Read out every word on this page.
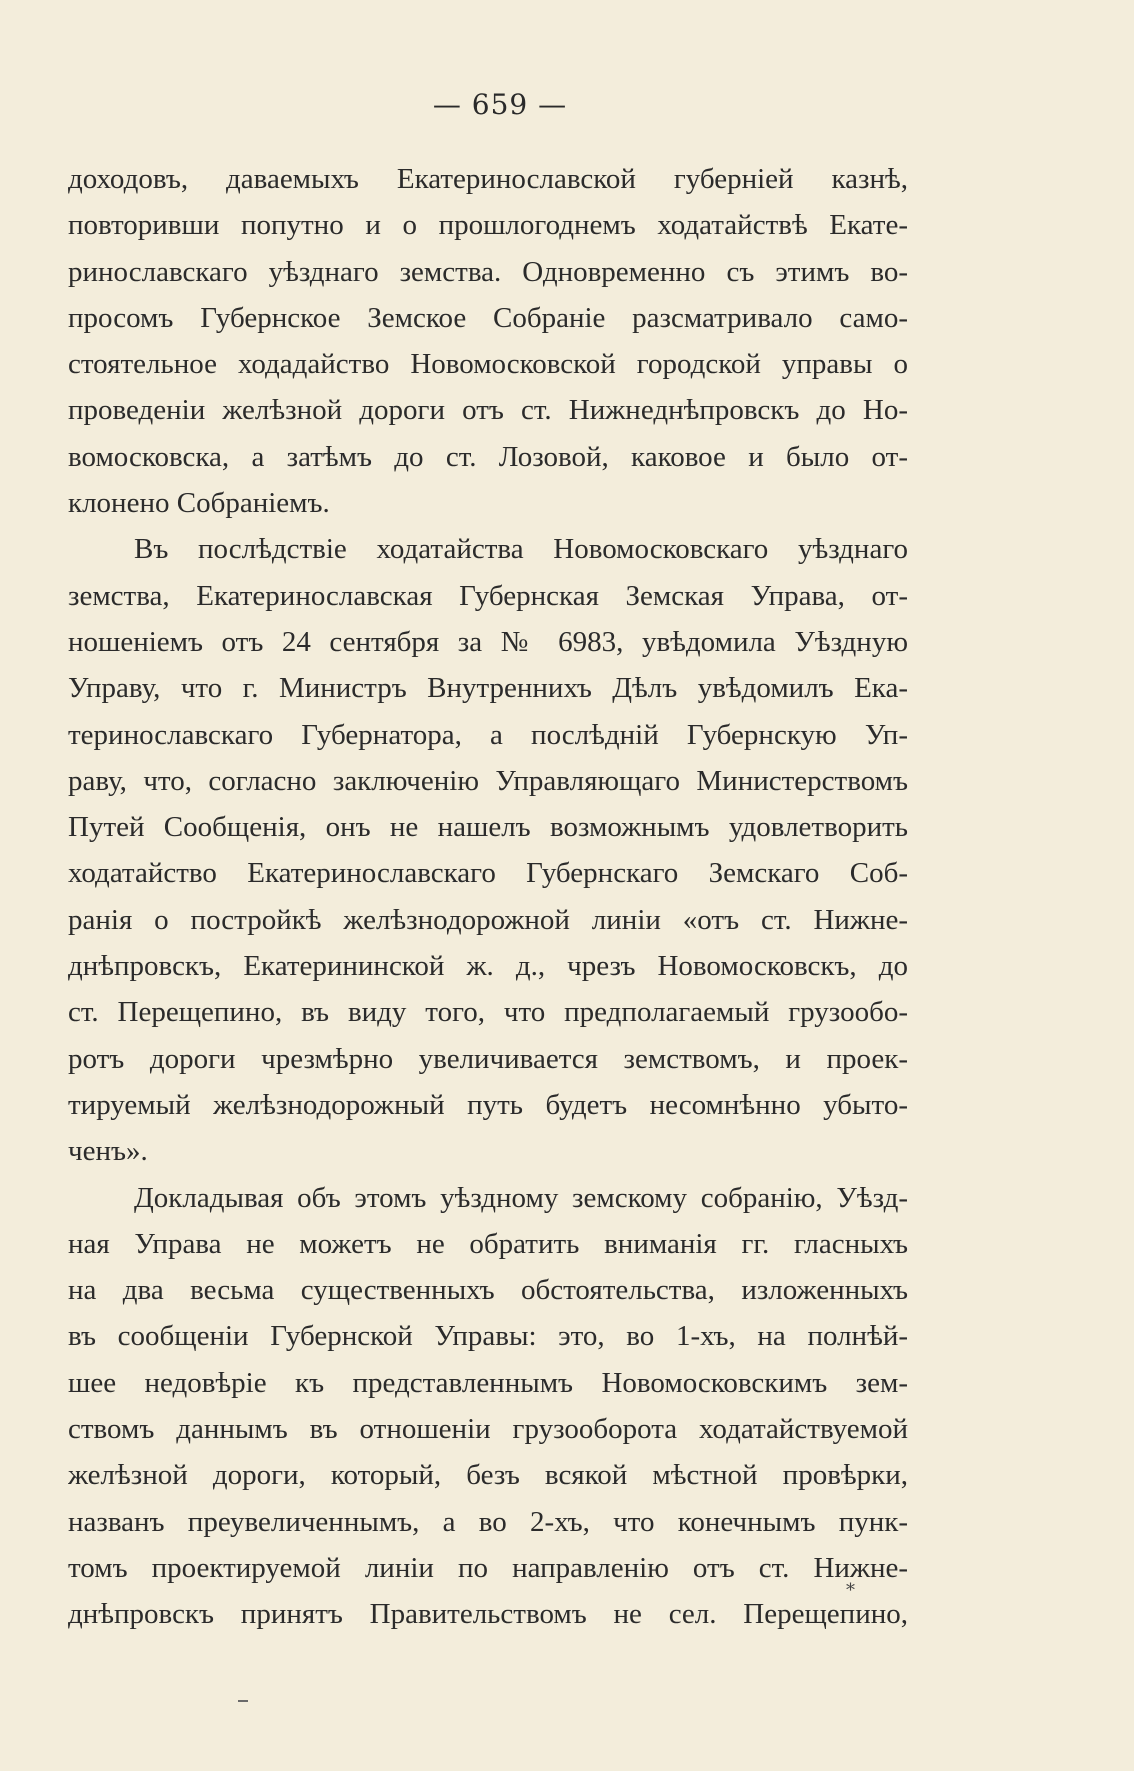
— 659 —
доходовъ, даваемыхъ Екатеринославской губерніей казнѣ,
повторивши попутно и о прошлогоднемъ ходатайствѣ Екате-
ринославскаго уѣзднаго земства. Одновременно съ этимъ во-
просомъ Губернское Земское Собраніе разсматривало само-
стоятельное ходадайство Новомосковской городской управы о
проведеніи желѣзной дороги отъ ст. Нижнеднѣпровскъ до Но-
вомосковска, а затѣмъ до ст. Лозовой, каковое и было от-
клонено Собраніемъ.
Въ послѣдствіе ходатайства Новомосковскаго уѣзднаго
земства, Екатеринославская Губернская Земская Управа, от-
ношеніемъ отъ 24 сентября за № 6983, увѣдомила Уѣздную
Управу, что г. Министръ Внутреннихъ Дѣлъ увѣдомилъ Ека-
теринославскаго Губернатора, а послѣдній Губернскую Уп-
раву, что, согласно заключенію Управляющаго Министерствомъ
Путей Сообщенія, онъ не нашелъ возможнымъ удовлетворить
ходатайство Екатеринославскаго Губернскаго Земскаго Соб-
ранія о постройкѣ желѣзнодорожной линіи «отъ ст. Нижне-
днѣпровскъ, Екатерининской ж. д., чрезъ Новомосковскъ, до
ст. Перещепино, въ виду того, что предполагаемый грузообо-
ротъ дороги чрезмѣрно увеличивается земствомъ, и проек-
тируемый желѣзнодорожный путь будетъ несомнѣнно убыто-
ченъ».
Докладывая объ этомъ уѣздному земскому собранію, Уѣзд-
ная Управа не можетъ не обратить вниманія гг. гласныхъ
на два весьма существенныхъ обстоятельства, изложенныхъ
въ сообщеніи Губернской Управы: это, во 1-хъ, на полнѣй-
шее недовѣріе къ представленнымъ Новомосковскимъ зем-
ствомъ даннымъ въ отношеніи грузооборота ходатайствуемой
желѣзной дороги, который, безъ всякой мѣстной провѣрки,
названъ преувеличеннымъ, а во 2-хъ, что конечнымъ пунк-
томъ проектируемой линіи по направленію отъ ст. Нижне-
днѣпровскъ принятъ Правительствомъ не сел. Перещепино,
*
